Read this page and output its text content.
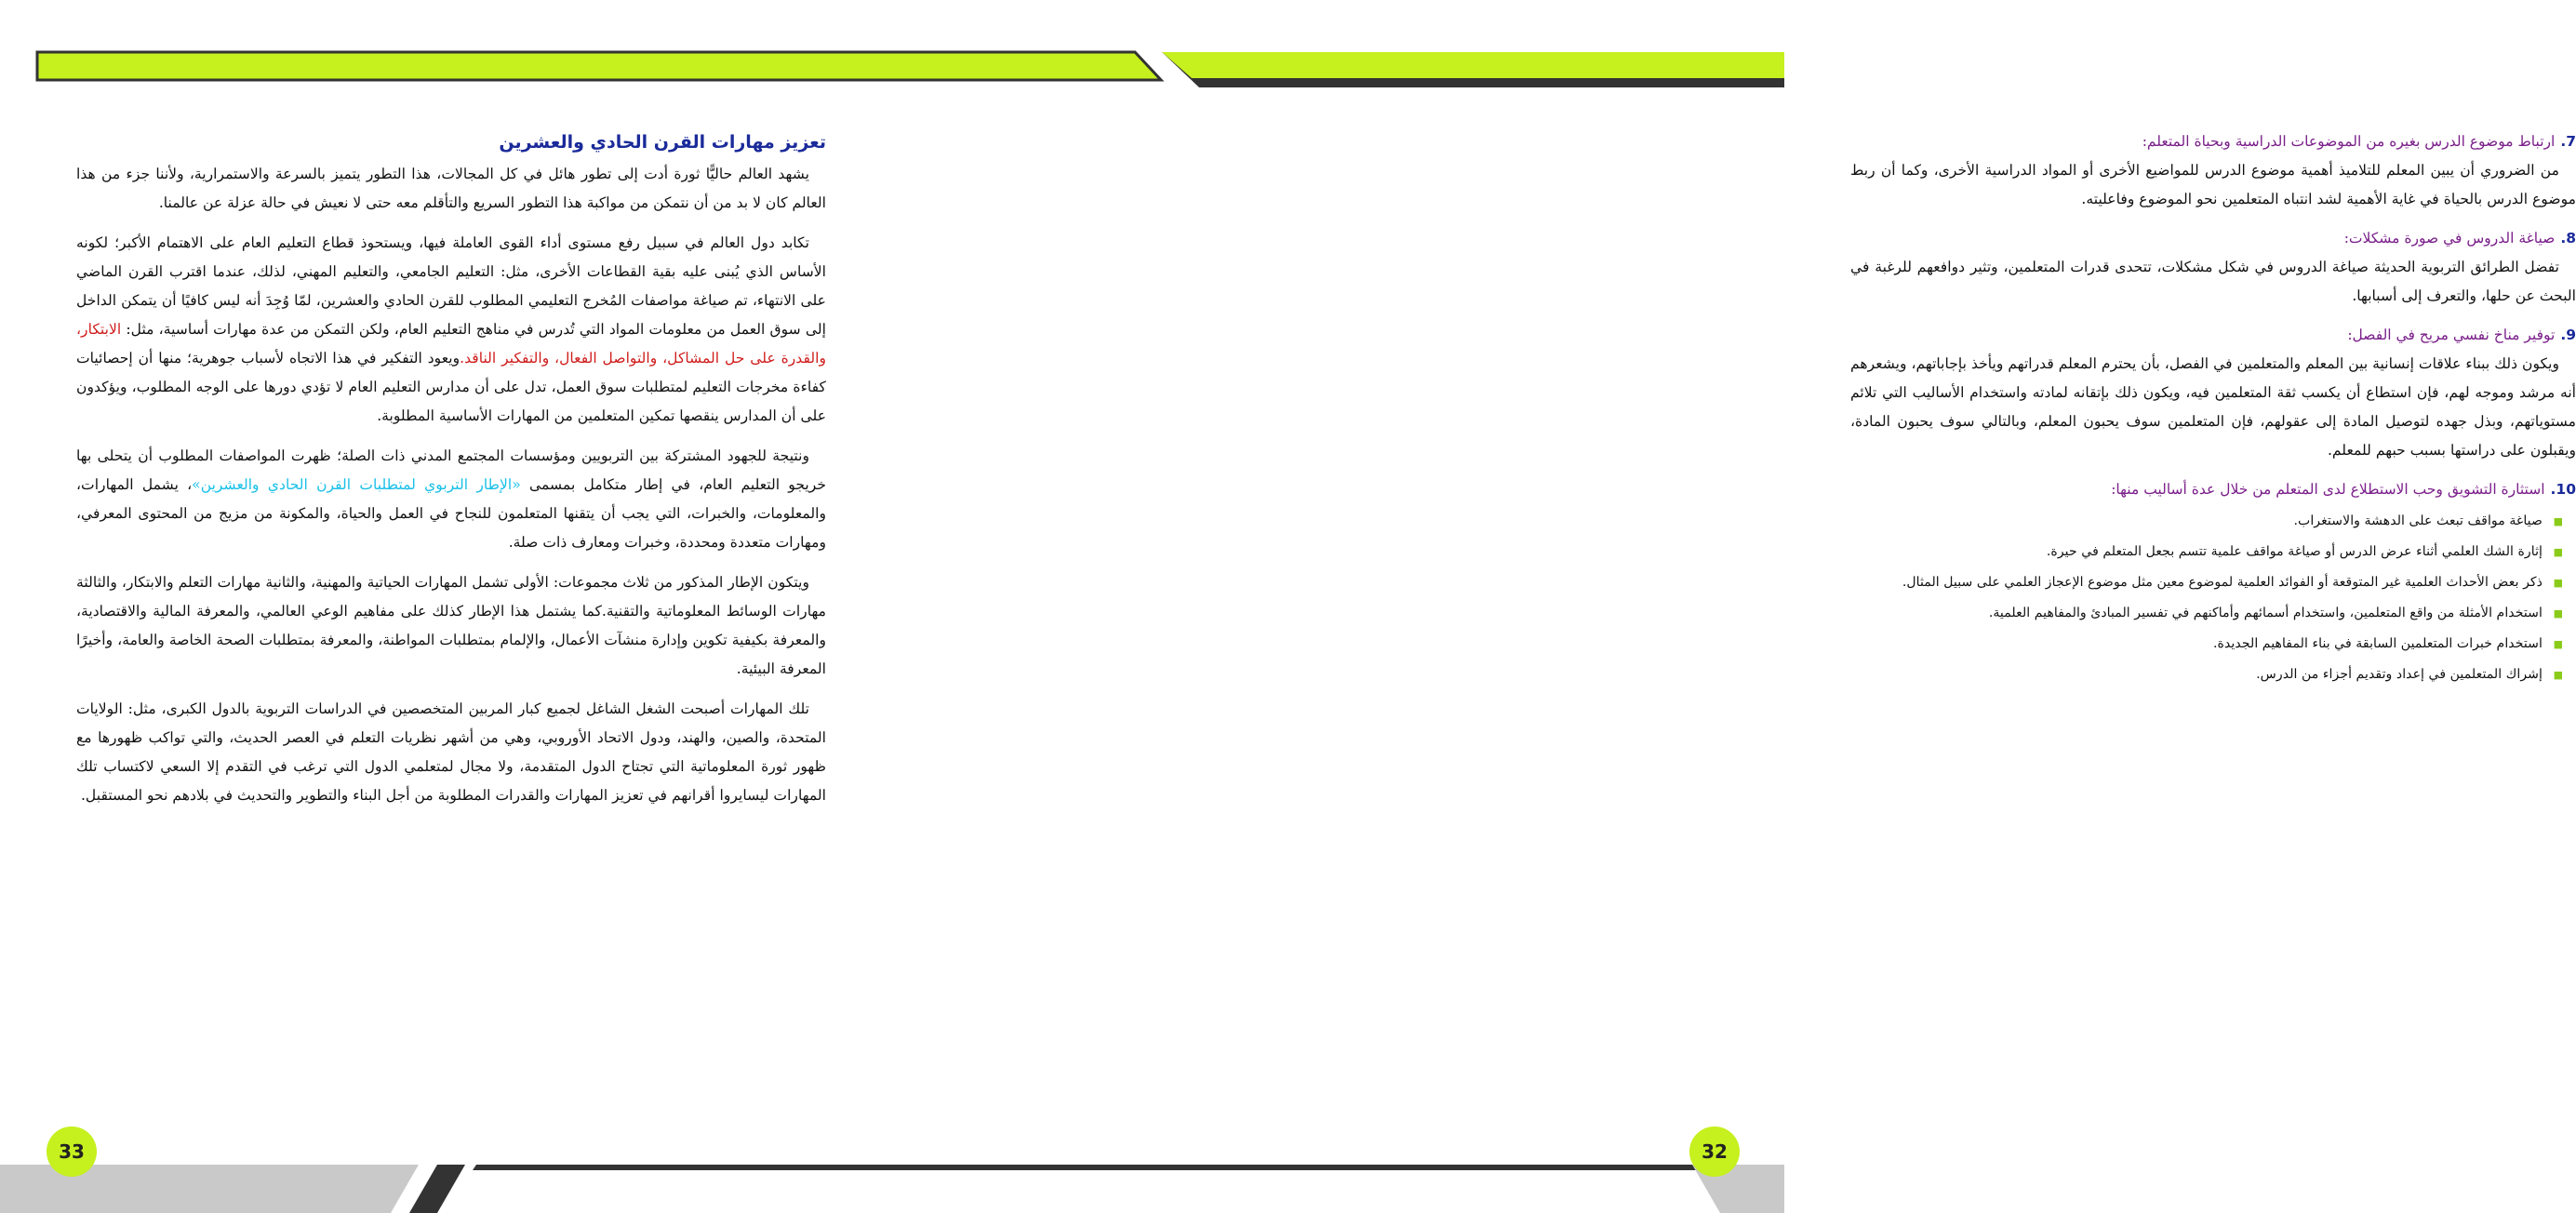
تعزيز مهارات القرن الحادي والعشرين

يشهد العالم حاليًّا ثورة أدت إلى تطور هائل في كل المجالات، هذا التطور يتميز بالسرعة والاستمرارية، ولأننا جزء من هذا العالم كان لا بد من أن نتمكن من مواكبة هذا التطور السريع والتأقلم معه حتى لا نعيش في حالة عزلة عن عالمنا.

تكابد دول العالم في سبيل رفع مستوى أداء القوى العاملة فيها، ويستحوذ قطاع التعليم العام على الاهتمام الأكبر؛ لكونه الأساس الذي يُبنى عليه بقية القطاعات الأخرى، مثل: التعليم الجامعي، والتعليم المهني، لذلك، عندما اقترب القرن الماضي على الانتهاء، تم صياغة مواصفات المُخرج التعليمي المطلوب للقرن الحادي والعشرين، لمّا وُجِدَ أنه ليس كافيًا أن يتمكن الداخل إلى سوق العمل من معلومات المواد التي تُدرس في مناهج التعليم العام، ولكن التمكن من عدة مهارات أساسية، مثل: الابتكار، والقدرة على حل المشاكل، والتواصل الفعال، والتفكير الناقد.ويعود التفكير في هذا الاتجاه لأسباب جوهرية؛ منها أن إحصائيات كفاءة مخرجات التعليم لمتطلبات سوق العمل، تدل على أن مدارس التعليم العام لا تؤدي دورها على الوجه المطلوب، ويؤكدون على أن المدارس ينقصها تمكين المتعلمين من المهارات الأساسية المطلوبة.

ونتيجة للجهود المشتركة بين التربويين ومؤسسات المجتمع المدني ذات الصلة؛ ظهرت المواصفات المطلوب أن يتحلى بها خريجو التعليم العام، في إطار متكامل بمسمى «الإطار التربوي لمتطلبات القرن الحادي والعشرين»، يشمل المهارات، والمعلومات، والخبرات، التي يجب أن يتقنها المتعلمون للنجاح في العمل والحياة، والمكونة من مزيج من المحتوى المعرفي، ومهارات متعددة ومحددة، وخبرات ومعارف ذات صلة.

ويتكون الإطار المذكور من ثلاث مجموعات: الأولى تشمل المهارات الحياتية والمهنية، والثانية مهارات التعلم والابتكار، والثالثة مهارات الوسائط المعلوماتية والتقنية.كما يشتمل هذا الإطار كذلك على مفاهيم الوعي العالمي، والمعرفة المالية والاقتصادية، والمعرفة بكيفية تكوين وإدارة منشآت الأعمال، والإلمام بمتطلبات المواطنة، والمعرفة بمتطلبات الصحة الخاصة والعامة، وأخيرًا المعرفة البيئية.

تلك المهارات أصبحت الشغل الشاغل لجميع كبار المربين المتخصصين في الدراسات التربوية بالدول الكبرى، مثل: الولايات المتحدة، والصين، والهند، ودول الاتحاد الأوروبي، وهي من أشهر نظريات التعلم في العصر الحديث، والتي تواكب ظهورها مع ظهور ثورة المعلوماتية التي تجتاح الدول المتقدمة، ولا مجال لمتعلمي الدول التي ترغب في التقدم إلا السعي لاكتساب تلك المهارات ليسايروا أقرانهم في تعزيز المهارات والقدرات المطلوبة من أجل البناء والتطوير والتحديث في بلادهم نحو المستقبل.

33

7.ارتباط موضوع الدرس بغيره من الموضوعات الدراسية وبحياة المتعلم:

من الضروري أن يبين المعلم للتلاميذ أهمية موضوع الدرس للمواضيع الأخرى أو المواد الدراسية الأخرى، وكما أن ربط موضوع الدرس بالحياة في غاية الأهمية لشد انتباه المتعلمين نحو الموضوع وفاعليته.

8.صياغة الدروس في صورة مشكلات:

تفضل الطرائق التربوية الحديثة صياغة الدروس في شكل مشكلات، تتحدى قدرات المتعلمين، وتثير دوافعهم للرغبة في البحث عن حلها، والتعرف إلى أسبابها.

9.توفير مناخ نفسي مريح في الفصل:

ويكون ذلك ببناء علاقات إنسانية بين المعلم والمتعلمين في الفصل، بأن يحترم المعلم قدراتهم ويأخذ بإجاباتهم، ويشعرهم أنه مرشد وموجه لهم، فإن استطاع أن يكسب ثقة المتعلمين فيه، ويكون ذلك بإتقانه لمادته واستخدام الأساليب التي تلائم مستوياتهم، وبذل جهده لتوصيل المادة إلى عقولهم، فإن المتعلمين سوف يحبون المعلم، وبالتالي سوف يحبون المادة، ويقبلون على دراستها بسبب حبهم للمعلم.

10.استثارة التشويق وحب الاستطلاع لدى المتعلم من خلال عدة أساليب منها:

■
صياغة مواقف تبعث على الدهشة والاستغراب.
■
إثارة الشك العلمي أثناء عرض الدرس أو صياغة مواقف علمية تتسم بجعل المتعلم في حيرة.
■
ذكر بعض الأحداث العلمية غير المتوقعة أو الفوائد العلمية لموضوع معين مثل موضوع الإعجاز العلمي على سبيل المثال.
■
استخدام الأمثلة من واقع المتعلمين، واستخدام أسمائهم وأماكنهم في تفسير المبادئ والمفاهيم العلمية.
■
استخدام خبرات المتعلمين السابقة في بناء المفاهيم الجديدة.
■
إشراك المتعلمين في إعداد وتقديم أجزاء من الدرس.
32
